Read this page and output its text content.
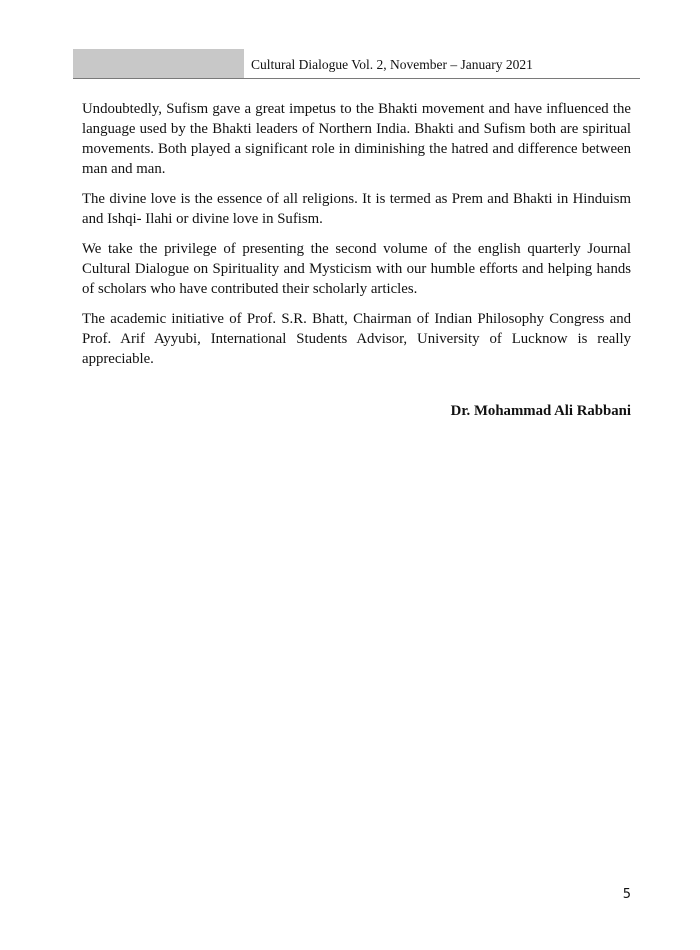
Cultural Dialogue Vol. 2, November – January 2021

Undoubtedly, Sufism gave a great impetus to the Bhakti movement and have influenced the language used by the Bhakti leaders of Northern India. Bhakti and Sufism both are spiritual movements. Both played a significant role in diminishing the hatred and difference between man and man.

The divine love is the essence of all religions. It is termed as Prem and Bhakti in Hinduism and Ishqi- Ilahi or divine love in Sufism.

We take the privilege of presenting the second volume of the english quarterly Journal Cultural Dialogue on Spirituality and Mysticism with our humble efforts and helping hands of scholars who have contributed their scholarly articles.

The academic initiative of Prof. S.R. Bhatt, Chairman of Indian Philosophy Congress and Prof. Arif Ayyubi, International Students Advisor, University of Lucknow is really appreciable.

Dr. Mohammad Ali Rabbani
5
